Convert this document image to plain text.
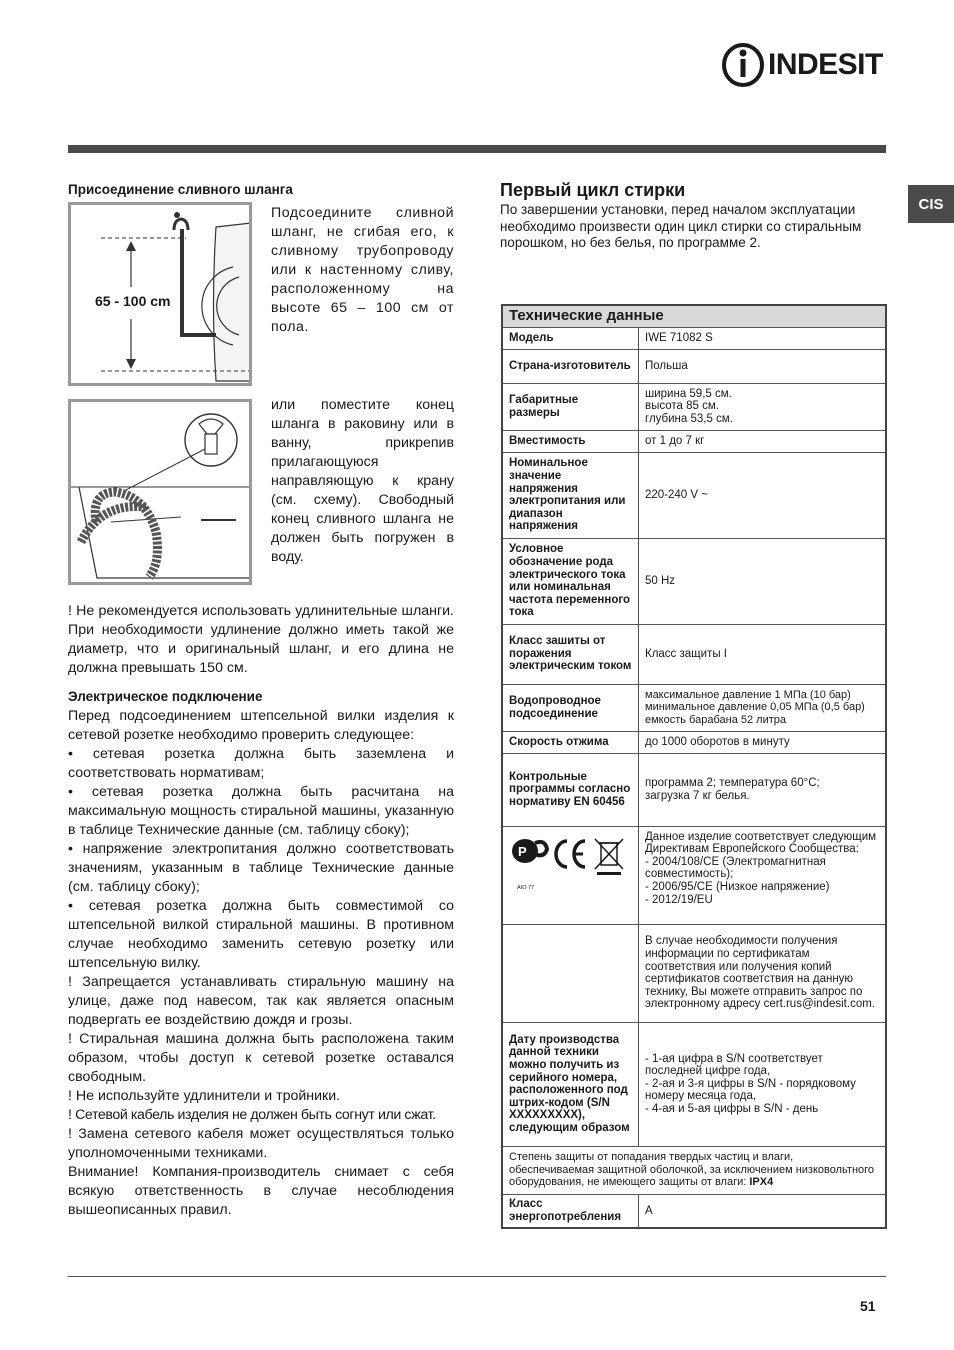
INDESIT
CIS
Присоединение сливного шланга
65 - 100 cm
Подсоедините сливной шланг, не сгибая его, к сливному трубопроводу или к настенному сливу, расположенному на высоте 65 – 100 см от пола.
или поместите конец шланга в раковину или в ванну, прикрепив прилагающуюся направляющую к крану (см. схему). Свободный конец сливного шланга не должен быть погружен в воду.
! Не рекомендуется использовать удлинительные шланги. При необходимости удлинение должно иметь такой же диаметр, что и оригинальный шланг, и его длина не должна превышать 150 см.
Электрическое подключение
Перед подсоединением штепсельной вилки изделия к сетевой розетке необходимо проверить следующее:
• сетевая розетка должна быть заземлена и соответствовать нормативам;
• сетевая розетка должна быть расчитана на максимальную мощность стиральной машины, указанную в таблице Технические данные (см. таблицу сбоку);
• напряжение электропитания должно соответствовать значениям, указанным в таблице Технические данные (см. таблицу сбоку);
• сетевая розетка должна быть совместимой со штепсельной вилкой стиральной машины. В противном случае необходимо заменить сетевую розетку или штепсельную вилку.
! Запрещается устанавливать стиральную машину на улице, даже под навесом, так как является опасным подвергать ее воздействию дождя и грозы.
! Стиральная машина должна быть расположена таким образом, чтобы доступ к сетевой розетке оставался свободным.
! Не используйте удлинители и тройники.
! Сетевой кабель изделия не должен быть согнут или сжат.
! Замена сетевого кабеля может осуществляться только уполномоченными техниками.
Внимание! Компания-производитель снимает с себя всякую ответственность в случае несоблюдения вышеописанных правил.
Первый цикл стирки
По завершении установки, перед началом эксплуатации необходимо произвести один цикл стирки со стиральным порошком, но без белья, по программе 2.
Технические данные	
Модель	IWE 71082 S
Страна-изготовитель	Польша
Габаритные размеры	ширина 59,5 см.
высота 85 см.
глубина 53,5 см.
Вместимость	от 1 до 7 кг
Номинальное значение напряжения электропитания или диапазон напряжения	220-240 V ~
Условное обозначение рода электрического тока или номинальная частота переменного тока	50 Hz
Класс зашиты от поражения электрическим током	Класс защиты I
Водопроводное подсоединение	максимальное давление 1 МПа (10 бар)
минимальное давление 0,05 МПа (0,5 бар)
емкость барабана 52 литра
Скорость отжима	до 1000 оборотов в минуту
Контрольные программы согласно нормативу EN 60456	программа 2; температура 60°С;
загрузка 7 кг белья.

P
AIO 77	Данное изделие соответствует следующим Директивам Европейского Сообщества:
- 2004/108/CE (Электромагнитная совместимость);
- 2006/95/CE (Низкое напряжение)
- 2012/19/EU
	В случае необходимости получения информации по сертификатам соответствия или получения копий сертификатов соответствия на данную технику, Вы можете отправить запрос по электронному адресу cert.rus@indesit.com.
Дату производства данной техники можно получить из серийного номера, расположенного под штрих-кодом (S/N XXXXXXXXX), следующим образом	- 1-ая цифра в S/N соответствует последней цифре года,
- 2-ая и 3-я цифры в S/N - порядковому номеру месяца года,
- 4-ая и 5-ая цифры в S/N - день
Степень защиты от попадания твердых частиц и влаги, обеспечиваемая защитной оболочкой, за исключением низковольтного оборудования, не имеющего защиты от влаги: IPX4	
Класс энергопотребления	A
51
